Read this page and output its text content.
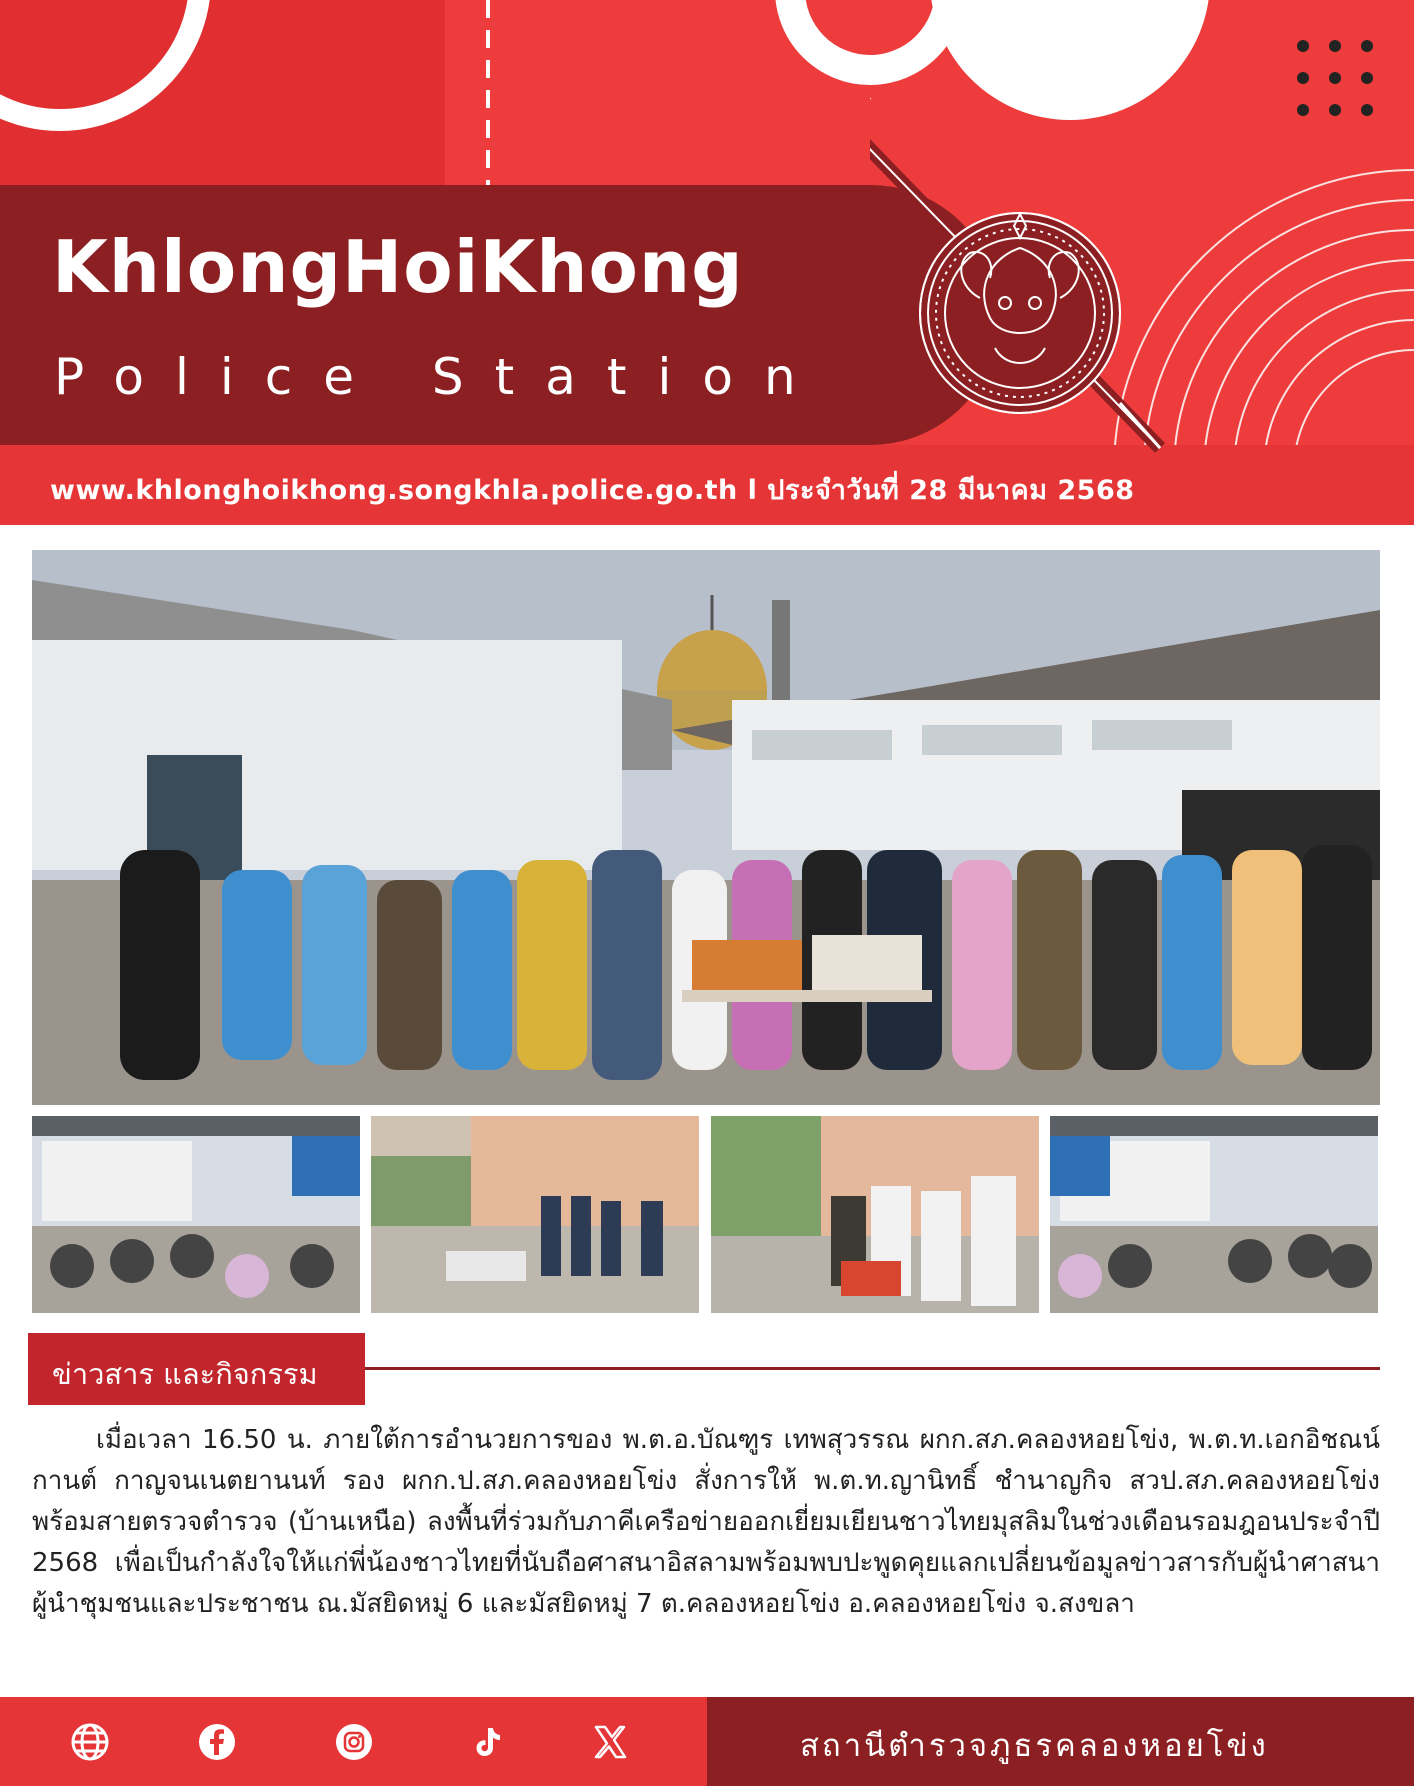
KhlongHoiKhong
Police Station
www.khlonghoikhong.songkhla.police.go.th l ประจำวันที่ 28 มีนาคม 2568
ข่าวสาร และกิจกรรม

เมื่อเวลา 16.50 น. ภายใต้การอำนวยการของ พ.ต.อ.บัณฑูร เทพสุวรรณ ผกก.สภ.คลองหอยโข่ง, พ.ต.ท.เอกอิชณน์กานต์ กาญจนเนตยานนท์ รอง ผกก.ป.สภ.คลองหอยโข่ง สั่งการให้ พ.ต.ท.ญานิทธิ์ ชำนาญกิจ สวป.สภ.คลองหอยโข่ง พร้อมสายตรวจตำรวจ (บ้านเหนือ) ลงพื้นที่ร่วมกับภาคีเครือข่ายออกเยี่ยมเยียนชาวไทยมุสลิมในช่วงเดือนรอมฎอนประจำปี 2568 เพื่อเป็นกำลังใจให้แก่พี่น้องชาวไทยที่นับถือศาสนาอิสลามพร้อมพบปะพูดคุยแลกเปลี่ยนข้อมูลข่าวสารกับผู้นำศาสนาผู้นำชุมชนและประชาชน ณ.มัสยิดหมู่ 6 และมัสยิดหมู่ 7 ต.คลองหอยโข่ง อ.คลองหอยโข่ง จ.สงขลา

สถานีตำรวจภูธรคลองหอยโข่ง
